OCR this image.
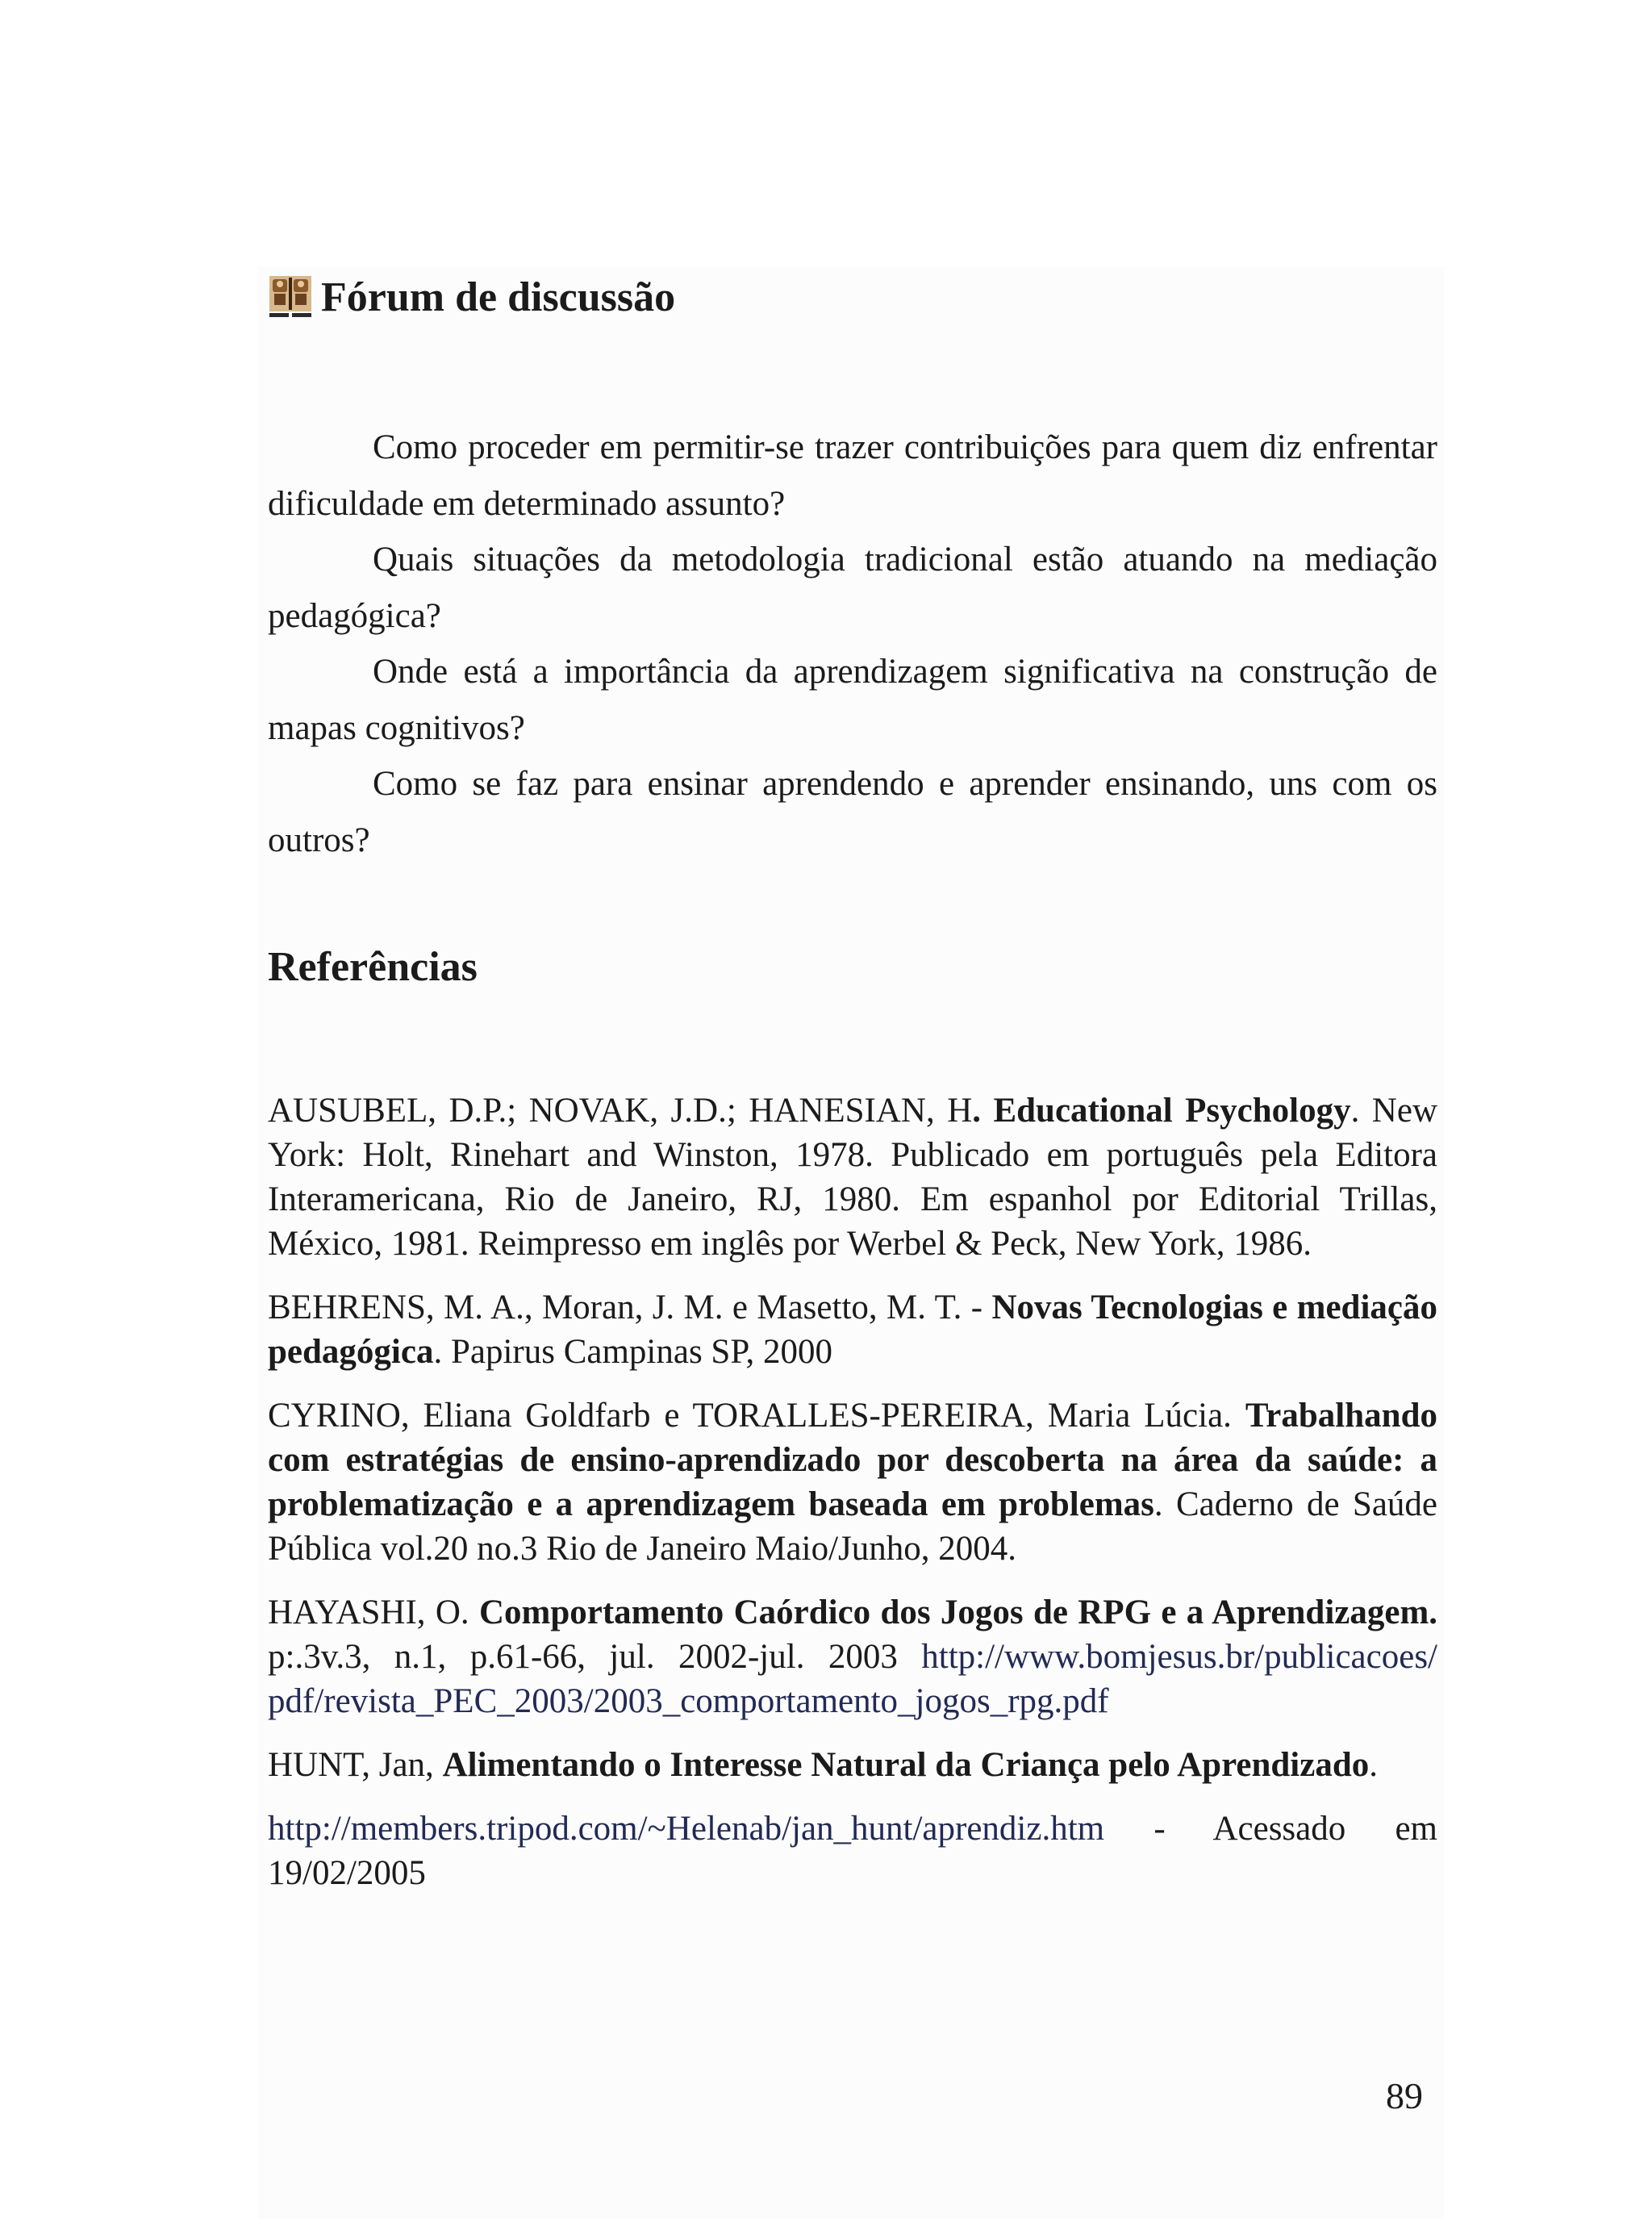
Fórum de discussão

Como proceder em permitir-se trazer contribuições para quem diz enfrentar dificuldade em determinado assunto?

Quais situações da metodologia tradicional estão atuando na mediação pedagógica?

Onde está a importância da aprendizagem significativa na construção de mapas cognitivos?

Como se faz para ensinar aprendendo e aprender ensinando, uns com os outros?

Referências

AUSUBEL, D.P.; NOVAK, J.D.; HANESIAN, H. Educational Psychology. New York: Holt, Rinehart and Winston, 1978. Publicado em português pela Editora Interamericana, Rio de Janeiro, RJ, 1980. Em espanhol por Editorial Trillas, México, 1981. Reimpresso em inglês por Werbel & Peck, New York, 1986.

BEHRENS, M. A., Moran, J. M. e Masetto, M. T. - Novas Tecnologias e mediação pedagógica. Papirus Campinas SP, 2000

CYRINO, Eliana Goldfarb e TORALLES-PEREIRA, Maria Lúcia. Trabalhando com estratégias de ensino-aprendizado por descoberta na área da saúde: a problematização e a aprendizagem baseada em problemas. Caderno de Saúde Pública vol.20 no.3 Rio de Janeiro Maio/Junho, 2004.

HAYASHI, O. Comportamento Caórdico dos Jogos de RPG e a Aprendizagem. p:.3v.3, n.1, p.61-66, jul. 2002-jul. 2003 http://www.bomjesus.br/publicacoes/ pdf/revista_PEC_2003/2003_comportamento_jogos_rpg.pdf

HUNT, Jan, Alimentando o Interesse Natural da Criança pelo Aprendizado.

http://members.tripod.com/~Helenab/jan_hunt/aprendiz.htm - Acessado em 19/02/2005

89
